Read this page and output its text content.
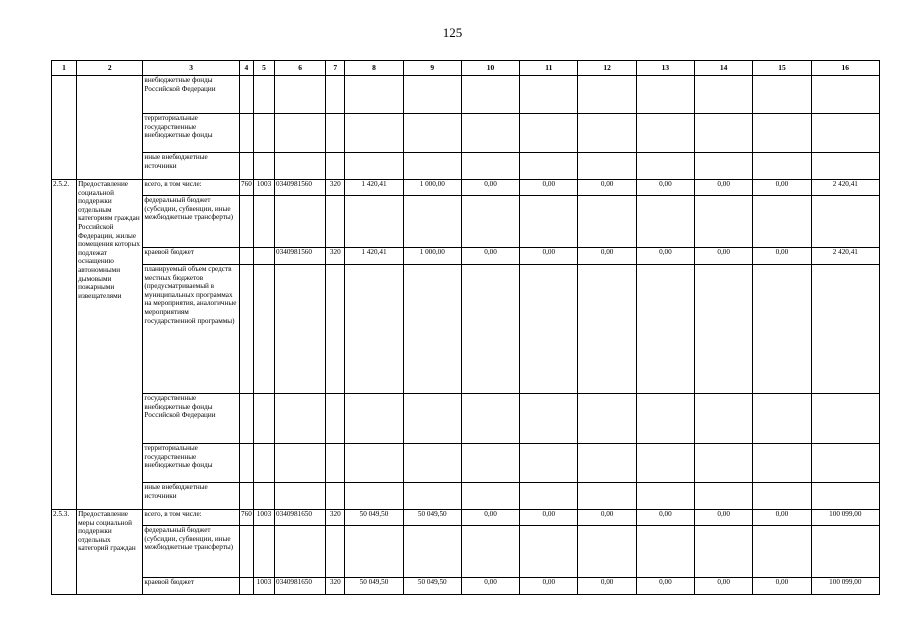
125
1	2	3	4	5	6	7	8	9	10	11	12	13	14	15	16
		внебюджетные фонды Российской Федерации													
		территориальные государственные внебюджетные фонды													
		иные внебюджетные источники													
2.5.2.	Предоставление социальной поддержки отдельным категориям граждан Российской Федерации, жилые помещения которых подлежат оснащению автономными дымовыми пожарными извещателями	всего, в том числе:	760	1003	0340981560	320	1 420,41	1 000,00	0,00	0,00	0,00	0,00	0,00	0,00	2 420,41
		федеральный бюджет (субсидии, субвенции, иные межбюджетные трансферты)													
		краевой бюджет			0340981560	320	1 420,41	1 000,00	0,00	0,00	0,00	0,00	0,00	0,00	2 420,41
		планируемый объем средств местных бюджетов (предусматриваемый в муниципальных программах на мероприятия, аналогичные мероприятиям государственной программы)													
		государственные внебюджетные фонды Российской Федерации													
		территориальные государственные внебюджетные фонды													
		иные внебюджетные источники													
2.5.3.	Предоставление меры социальной поддержки отдельных категорий граждан	всего, в том числе:	760	1003	0340981650	320	50 049,50	50 049,50	0,00	0,00	0,00	0,00	0,00	0,00	100 099,00
		федеральный бюджет (субсидии, субвенции, иные межбюджетные трансферты)													
		краевой бюджет		1003	0340981650	320	50 049,50	50 049,50	0,00	0,00	0,00	0,00	0,00	0,00	100 099,00
